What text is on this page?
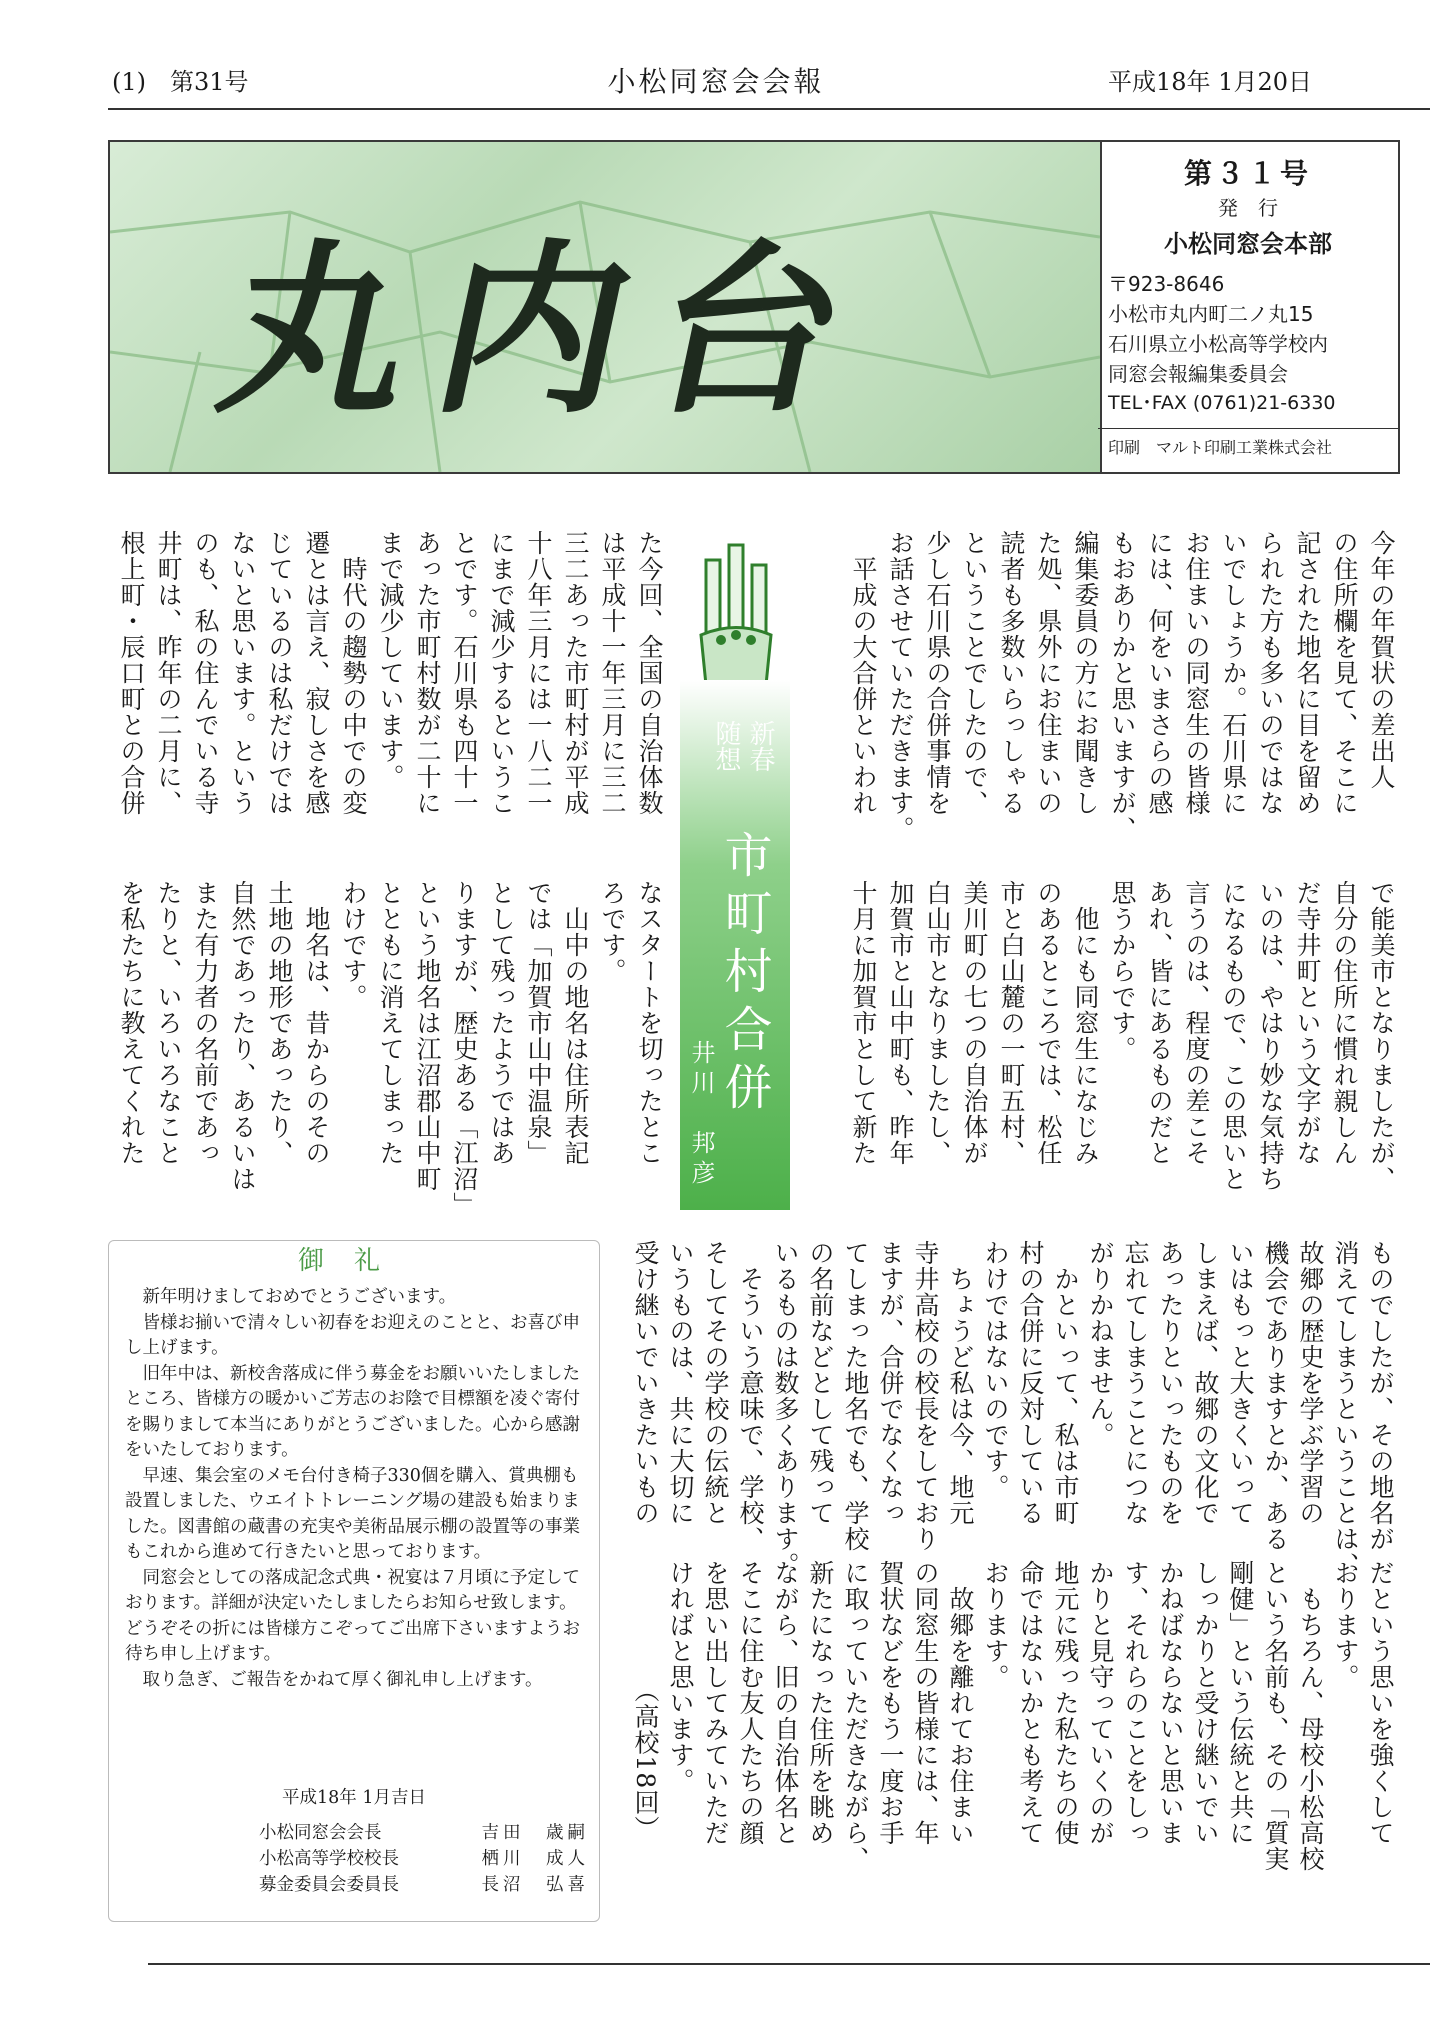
(1)　第31号	小松同窓会会報	平成18年 1月20日
丸内台
第３１号
発　行
小松同窓会本部
〒923-8646
小松市丸内町二ノ丸15
石川県立小松高等学校内
同窓会報編集委員会
TEL･FAX (0761)21-6330
印刷　マルト印刷工業株式会社
今年の年賀状の差出人
の住所欄を見て、そこに
記された地名に目を留め
られた方も多いのではな
いでしょうか。石川県に
お住まいの同窓生の皆様
には、何をいまさらの感
もおありかと思いますが、
編集委員の方にお聞きし
た処、県外にお住まいの
読者も多数いらっしゃる
ということでしたので、
少し石川県の合併事情を
お話させていただきます。
　平成の大合併といわれ
た今回、全国の自治体数
は平成十一年三月に三二
三二あった市町村が平成
十八年三月には一八二一
にまで減少するというこ
とです。石川県も四十一
あった市町村数が二十に
まで減少しています。
　時代の趨勢の中での変
遷とは言え、寂しさを感
じているのは私だけでは
ないと思います。という
のも、私の住んでいる寺
井町は、昨年の二月に、
根上町・辰口町との合併	新春
随想
市町村合併
井川　邦彦
御礼

新年明けましておめでとうございます。

皆様お揃いで清々しい初春をお迎えのことと、お喜び申し上げます。

旧年中は、新校舎落成に伴う募金をお願いいたしましたところ、皆様方の暖かいご芳志のお陰で目標額を凌ぐ寄付を賜りまして本当にありがとうございました。心から感謝をいたしております。

早速、集会室のメモ台付き椅子330個を購入、賞典棚も設置しました、ウエイトトレーニング場の建設も始まりました。図書館の蔵書の充実や美術品展示棚の設置等の事業もこれから進めて行きたいと思っております。

同窓会としての落成記念式典・祝宴は７月頃に予定しております。詳細が決定いたしましたらお知らせ致します。どうぞその折には皆様方こぞってご出席下さいますようお待ち申し上げます。

取り急ぎ、ご報告をかねて厚く御礼申し上げます。

平成18年 1月吉日
小松同窓会会長	吉田　歳嗣
小松高等学校校長	栖川　成人
募金委員会委員長	長沼　弘喜
で能美市となりましたが、
自分の住所に慣れ親しん
だ寺井町という文字がな
いのは、やはり妙な気持ち
になるもので、この思いと
言うのは、程度の差こそ
あれ、皆にあるものだと
思うからです。
　他にも同窓生になじみ
のあるところでは、松任
市と白山麓の一町五村、
美川町の七つの自治体が
白山市となりましたし、
加賀市と山中町も、昨年
十月に加賀市として新た
なスタートを切ったとこ
ろです。
　山中の地名は住所表記
では「加賀市山中温泉」
として残ったようではあ
りますが、歴史ある「江沼」
という地名は江沼郡山中町
とともに消えてしまった
わけです。
　地名は、昔からのその
土地の地形であったり、
自然であったり、あるいは
また有力者の名前であっ
たりと、いろいろなこと
を私たちに教えてくれた
ものでしたが、その地名が
消えてしまうということは、
故郷の歴史を学ぶ学習の
機会でありますとか、ある
いはもっと大きくいって
しまえば、故郷の文化で
あったりといったものを
忘れてしまうことにつな
がりかねません。
　かといって、私は市町
村の合併に反対している
わけではないのです。
　ちょうど私は今、地元
寺井高校の校長をしており
ますが、合併でなくなっ
てしまった地名でも、学校
の名前などとして残って
いるものは数多くあります。
　そういう意味で、学校、
そしてその学校の伝統と
いうものは、共に大切に
受け継いでいきたいもの
だという思いを強くして
おります。
　もちろん、母校小松高校
という名前も、その「質実
剛健」という伝統と共に
しっかりと受け継いでい
かねばならないと思いま
す、それらのことをしっ
かりと見守っていくのが
地元に残った私たちの使
命ではないかとも考えて
おります。
　故郷を離れてお住まい
の同窓生の皆様には、年
賀状などをもう一度お手
に取っていただきながら、
新たになった住所を眺め
ながら、旧の自治体名と
そこに住む友人たちの顔
を思い出してみていただ
ければと思います。
　　　　　（高校18回）
